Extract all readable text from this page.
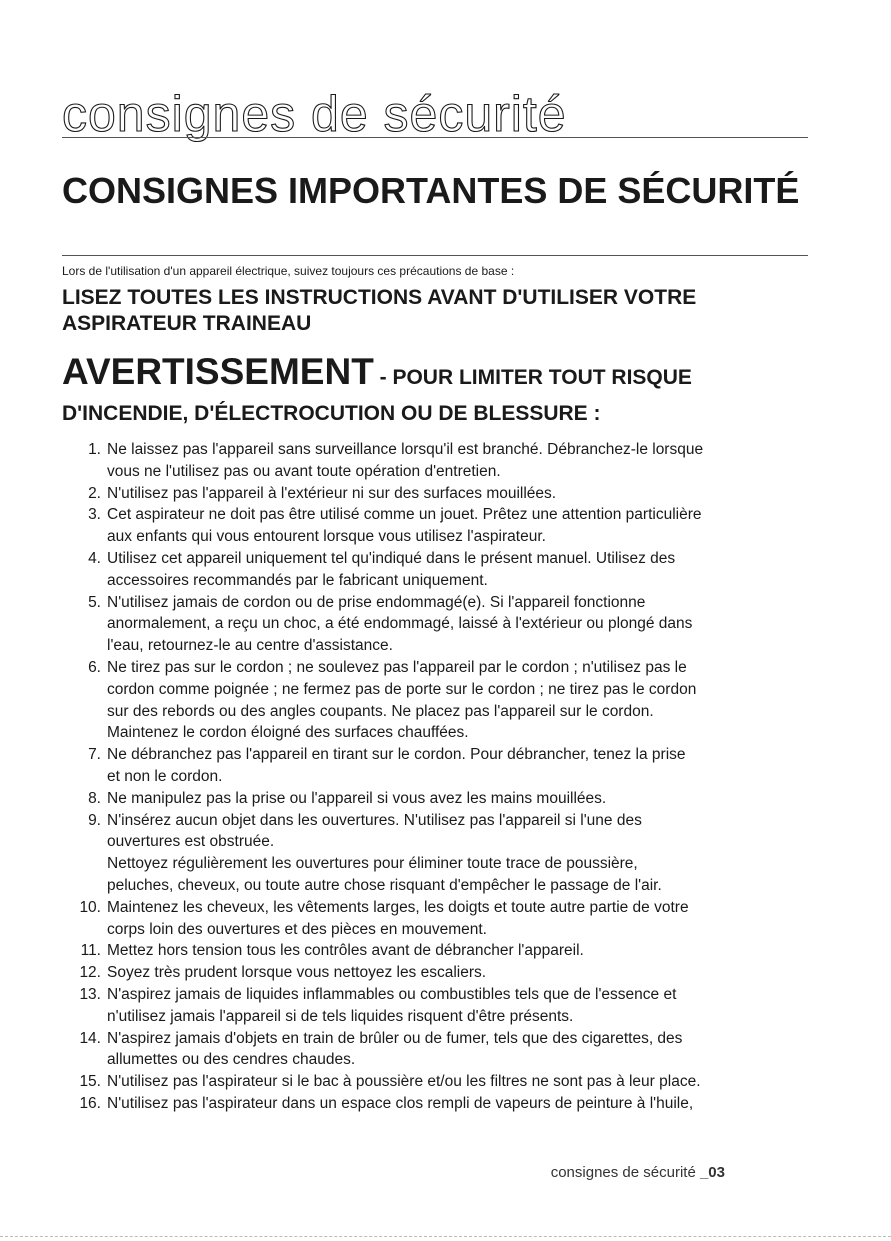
consignes de sécurité
CONSIGNES IMPORTANTES DE SÉCURITÉ
Lors de l'utilisation d'un appareil électrique, suivez toujours ces précautions de base :
LISEZ TOUTES LES INSTRUCTIONS AVANT D'UTILISER VOTRE ASPIRATEUR TRAINEAU
AVERTISSEMENT - POUR LIMITER TOUT RISQUE
D'INCENDIE, D'ÉLECTROCUTION OU DE BLESSURE :
1. Ne laissez pas l'appareil sans surveillance lorsqu'il est branché. Débranchez-le lorsque
vous ne l'utilisez pas ou avant toute opération d'entretien.
2. N'utilisez pas l'appareil à l'extérieur ni sur des surfaces mouillées.
3. Cet aspirateur ne doit pas être utilisé comme un jouet. Prêtez une attention particulière
aux enfants qui vous entourent lorsque vous utilisez l'aspirateur.
4. Utilisez cet appareil uniquement tel qu'indiqué dans le présent manuel. Utilisez des
accessoires recommandés par le fabricant uniquement.
5. N'utilisez jamais de cordon ou de prise endommagé(e). Si l'appareil fonctionne
anormalement, a reçu un choc, a été endommagé, laissé à l'extérieur ou plongé dans
l'eau, retournez-le au centre d'assistance.
6. Ne tirez pas sur le cordon ; ne soulevez pas l'appareil par le cordon ; n'utilisez pas le
cordon comme poignée ; ne fermez pas de porte sur le cordon ; ne tirez pas le cordon
sur des rebords ou des angles coupants. Ne placez pas l'appareil sur le cordon.
Maintenez le cordon éloigné des surfaces chauffées.
7. Ne débranchez pas l'appareil en tirant sur le cordon. Pour débrancher, tenez la prise
et non le cordon.
8. Ne manipulez pas la prise ou l'appareil si vous avez les mains mouillées.
9. N'insérez aucun objet dans les ouvertures. N'utilisez pas l'appareil si l'une des
ouvertures est obstruée.
Nettoyez régulièrement les ouvertures pour éliminer toute trace de poussière,
peluches, cheveux, ou toute autre chose risquant d'empêcher le passage de l'air.
10. Maintenez les cheveux, les vêtements larges, les doigts et toute autre partie de votre
corps loin des ouvertures et des pièces en mouvement.
11. Mettez hors tension tous les contrôles avant de débrancher l'appareil.
12. Soyez très prudent lorsque vous nettoyez les escaliers.
13. N'aspirez jamais de liquides inflammables ou combustibles tels que de l'essence et
n'utilisez jamais l'appareil si de tels liquides risquent d'être présents.
14. N'aspirez jamais d'objets en train de brûler ou de fumer, tels que des cigarettes, des
allumettes ou des cendres chaudes.
15. N'utilisez pas l'aspirateur si le bac à poussière et/ou les filtres ne sont pas à leur place.
16. N'utilisez pas l'aspirateur dans un espace clos rempli de vapeurs de peinture à l'huile,
consignes de sécurité _03
